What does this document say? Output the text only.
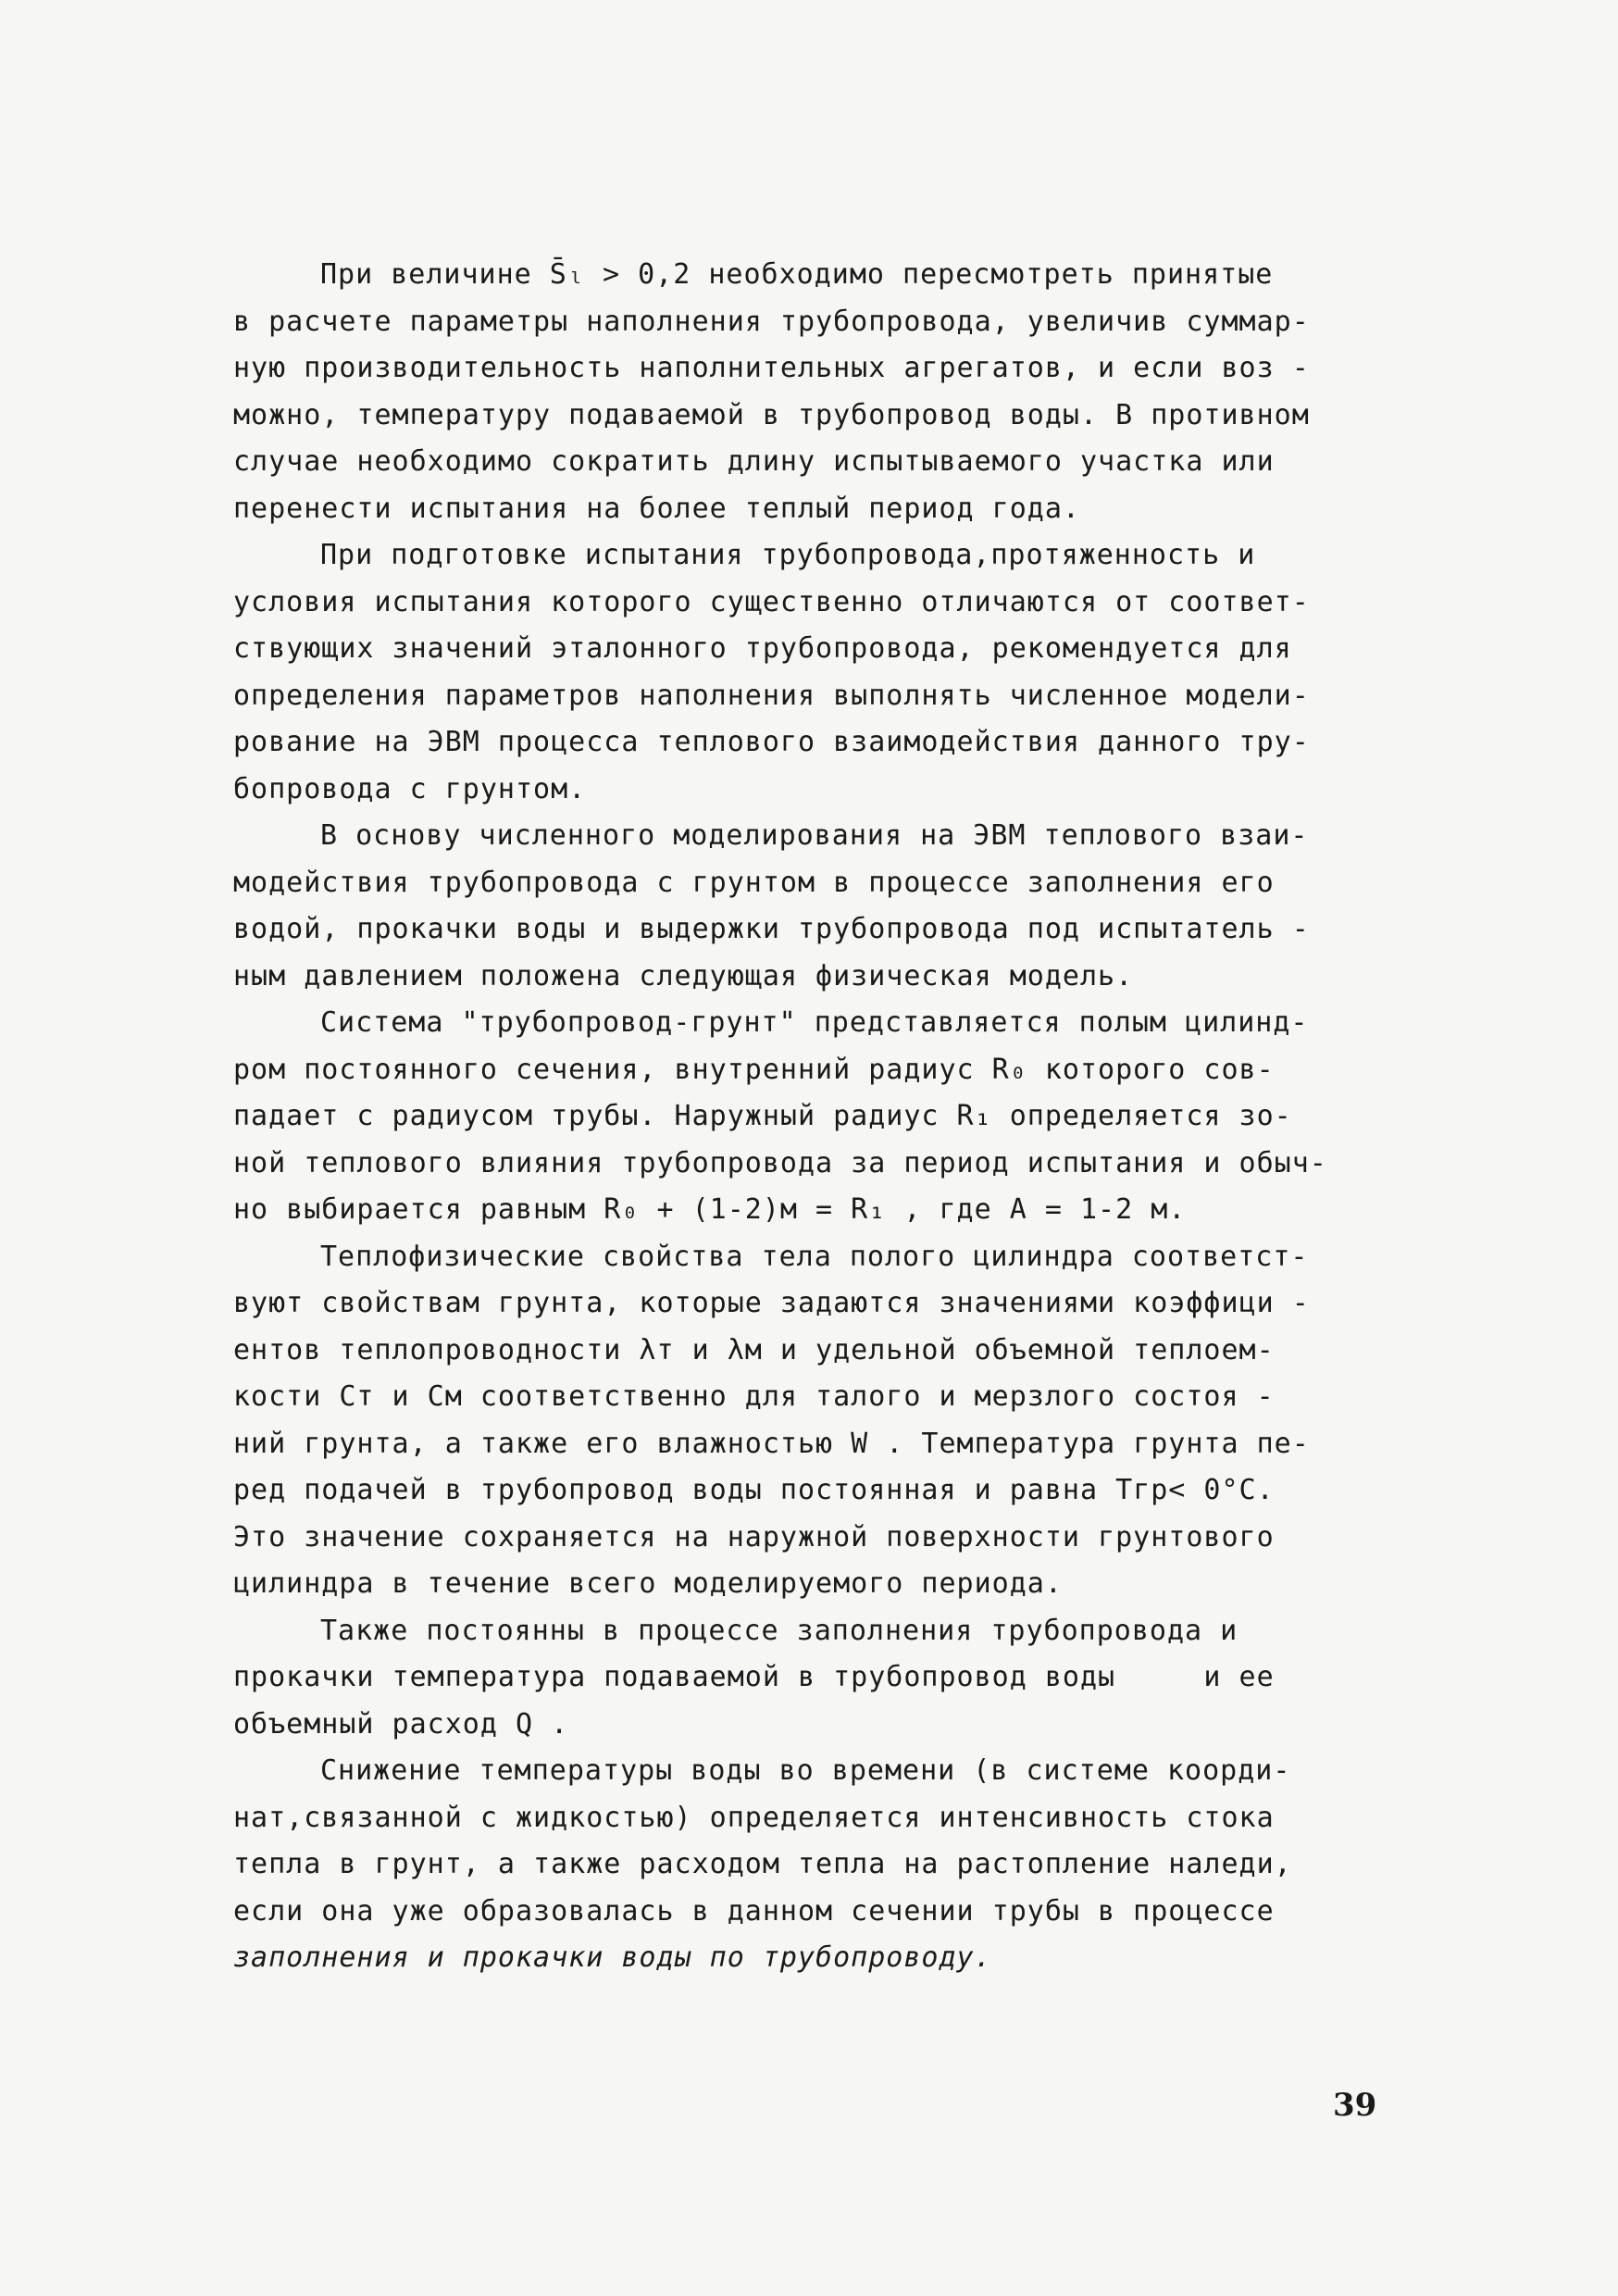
При величине S̄ₗ > 0,2 необходимо пересмотреть принятые
в расчете параметры наполнения трубопровода, увеличив суммар-
ную производительность наполнительных агрегатов, и если воз -
можно, температуру подаваемой в трубопровод воды. В противном
случае необходимо сократить длину испытываемого участка или
перенести испытания на более теплый период года.
При подготовке испытания трубопровода,протяженность и
условия испытания которого существенно отличаются от соответ-
ствующих значений эталонного трубопровода, рекомендуется для
определения параметров наполнения выполнять численное модели-
рование на ЭВМ процесса теплового взаимодействия данного тру-
бопровода с грунтом.
В основу численного моделирования на ЭВМ теплового взаи-
модействия трубопровода с грунтом в процессе заполнения его
водой, прокачки воды и выдержки трубопровода под испытатель -
ным давлением положена следующая физическая модель.
Система "трубопровод-грунт" представляется полым цилинд-
ром постоянного сечения, внутренний радиус R₀ которого сов-
падает с радиусом трубы. Наружный радиус R₁ определяется зо-
ной теплового влияния трубопровода за период испытания и обыч-
но выбирается равным R₀ + (1-2)м = R₁ , где A = 1-2 м.
Теплофизические свойства тела полого цилиндра соответст-
вуют свойствам грунта, которые задаются значениями коэффици -
ентов теплопроводности λт и λм и удельной объемной теплоем-
кости Cт и Cм соответственно для талого и мерзлого состоя -
ний грунта, а также его влажностью W . Температура грунта пе-
ред подачей в трубопровод воды постоянная и равна Tгр< 0°C.
Это значение сохраняется на наружной поверхности грунтового
цилиндра в течение всего моделируемого периода.
Также постоянны в процессе заполнения трубопровода и
прокачки температура подаваемой в трубопровод воды     и ее
объемный расход Q .
Снижение температуры воды во времени (в системе коорди-
нат,связанной с жидкостью) определяется интенсивность стока
тепла в грунт, а также расходом тепла на растопление наледи,
если она уже образовалась в данном сечении трубы в процессе
заполнения и прокачки воды по трубопроводу.
39
